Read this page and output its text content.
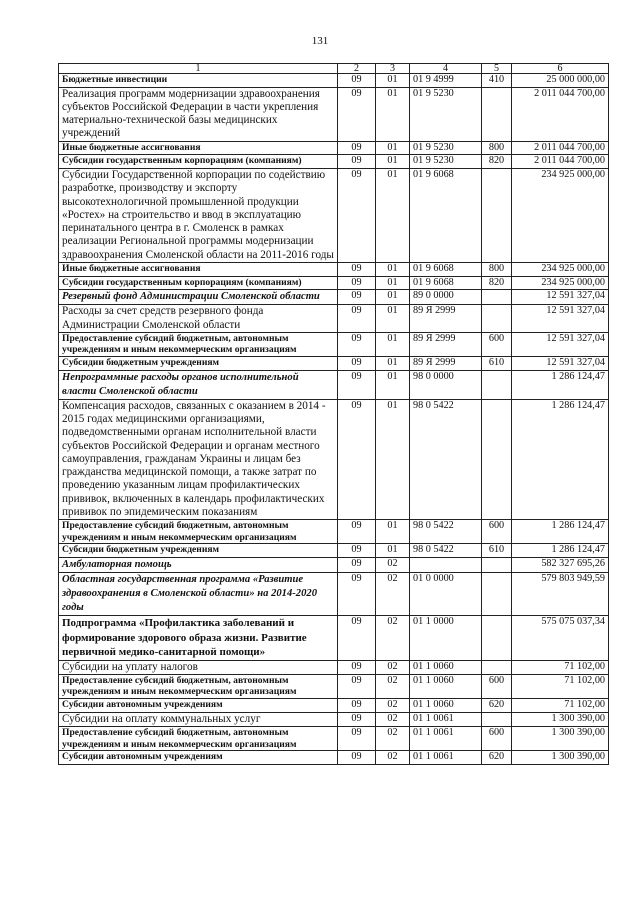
131
1	2	3	4	5	6
Бюджетные инвестиции	09	01	01 9 4999	410	25 000 000,00
Реализация программ модернизации здравоохранения субъектов Российской Федерации в части укрепления материально-технической базы медицинских учреждений	09	01	01 9 5230		2 011 044 700,00
Иные бюджетные ассигнования	09	01	01 9 5230	800	2 011 044 700,00
Субсидии государственным корпорациям (компаниям)	09	01	01 9 5230	820	2 011 044 700,00
Субсидии Государственной корпорации по содействию разработке, производству и экспорту высокотехнологичной промышленной продукции «Ростех» на строительство и ввод в эксплуатацию перинатального центра в г. Смоленск в рамках реализации Региональной программы модернизации здравоохранения Смоленской области на 2011-2016 годы	09	01	01 9 6068		234 925 000,00
Иные бюджетные ассигнования	09	01	01 9 6068	800	234 925 000,00
Субсидии государственным корпорациям (компаниям)	09	01	01 9 6068	820	234 925 000,00
Резервный фонд Администрации Смоленской области	09	01	89 0 0000		12 591 327,04
Расходы за счет средств резервного фонда Администрации Смоленской области	09	01	89 Я 2999		12 591 327,04
Предоставление субсидий бюджетным, автономным учреждениям и иным некоммерческим организациям	09	01	89 Я 2999	600	12 591 327,04
Субсидии бюджетным учреждениям	09	01	89 Я 2999	610	12 591 327,04
Непрограммные расходы органов исполнительной власти Смоленской области	09	01	98 0 0000		1 286 124,47
Компенсация расходов, связанных с оказанием в 2014 - 2015 годах медицинскими организациями, подведомственными органам исполнительной власти субъектов Российской Федерации и органам местного самоуправления, гражданам Украины и лицам без гражданства медицинской помощи, а также затрат по проведению указанным лицам профилактических прививок, включенных в календарь профилактических прививок по эпидемическим показаниям	09	01	98 0 5422		1 286 124,47
Предоставление субсидий бюджетным, автономным учреждениям и иным некоммерческим организациям	09	01	98 0 5422	600	1 286 124,47
Субсидии бюджетным учреждениям	09	01	98 0 5422	610	1 286 124,47
Амбулаторная помощь	09	02			582 327 695,26
Областная государственная программа «Развитие здравоохранения в Смоленской области» на 2014-2020 годы	09	02	01 0 0000		579 803 949,59
Подпрограмма «Профилактика заболеваний и формирование здорового образа жизни. Развитие первичной медико-санитарной помощи»	09	02	01 1 0000		575 075 037,34
Субсидии на уплату налогов	09	02	01 1 0060		71 102,00
Предоставление субсидий бюджетным, автономным учреждениям и иным некоммерческим организациям	09	02	01 1 0060	600	71 102,00
Субсидии автономным учреждениям	09	02	01 1 0060	620	71 102,00
Субсидии на оплату коммунальных услуг	09	02	01 1 0061		1 300 390,00
Предоставление субсидий бюджетным, автономным учреждениям и иным некоммерческим организациям	09	02	01 1 0061	600	1 300 390,00
Субсидии автономным учреждениям	09	02	01 1 0061	620	1 300 390,00
